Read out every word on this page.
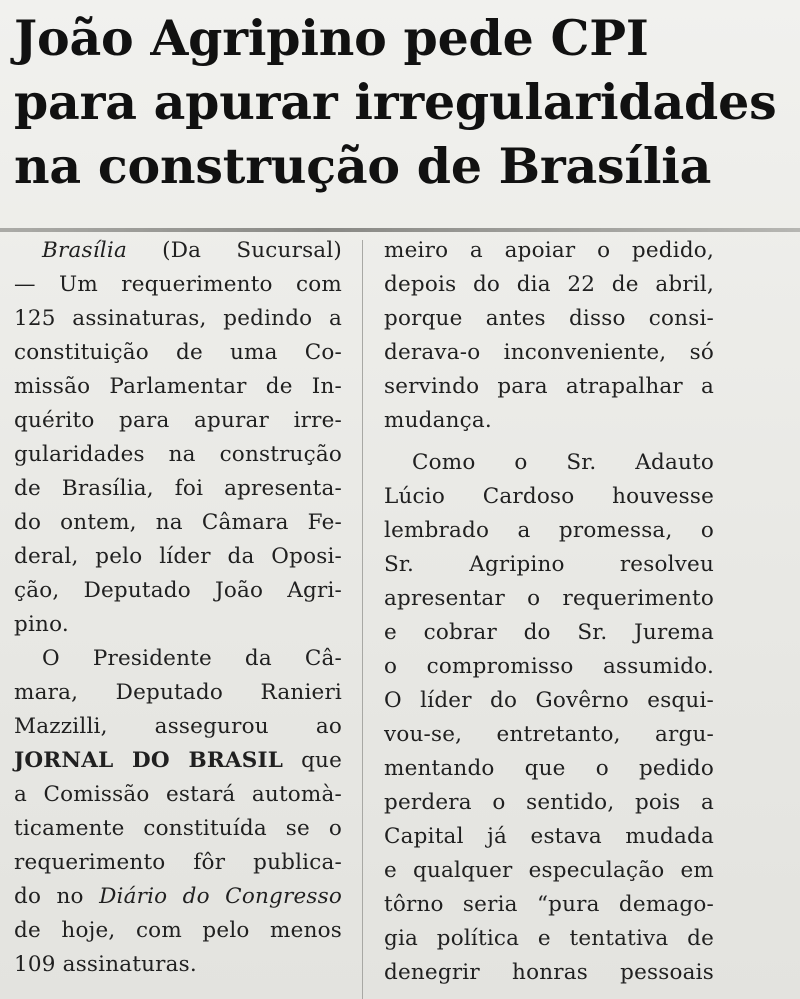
João Agripino pede CPI
para apurar irregularidades
na construção de Brasília
Brasília (Da Sucursal)
— Um requerimento com
125 assinaturas, pedindo a
constituição de uma Co-
missão Parlamentar de In-
quérito para apurar irre-
gularidades na construção
de Brasília, foi apresenta-
do ontem, na Câmara Fe-
deral, pelo líder da Oposi-
ção, Deputado João Agri-
pino.
O Presidente da Câ-
mara, Deputado Ranieri
Mazzilli, assegurou ao
JORNAL DO BRASIL que
a Comissão estará automà-
ticamente constituída se o
requerimento fôr publica-
do no Diário do Congresso
de hoje, com pelo menos
109 assinaturas.
meiro a apoiar o pedido,
depois do dia 22 de abril,
porque antes disso consi-
derava-o inconveniente, só
servindo para atrapalhar a
mudança.
Como o Sr. Adauto
Lúcio Cardoso houvesse
lembrado a promessa, o
Sr. Agripino resolveu
apresentar o requerimento
e cobrar do Sr. Jurema
o compromisso assumido.
O líder do Govêrno esqui-
vou-se, entretanto, argu-
mentando que o pedido
perdera o sentido, pois a
Capital já estava mudada
e qualquer especulação em
tôrno seria “pura demago-
gia política e tentativa de
denegrir honras pessoais
